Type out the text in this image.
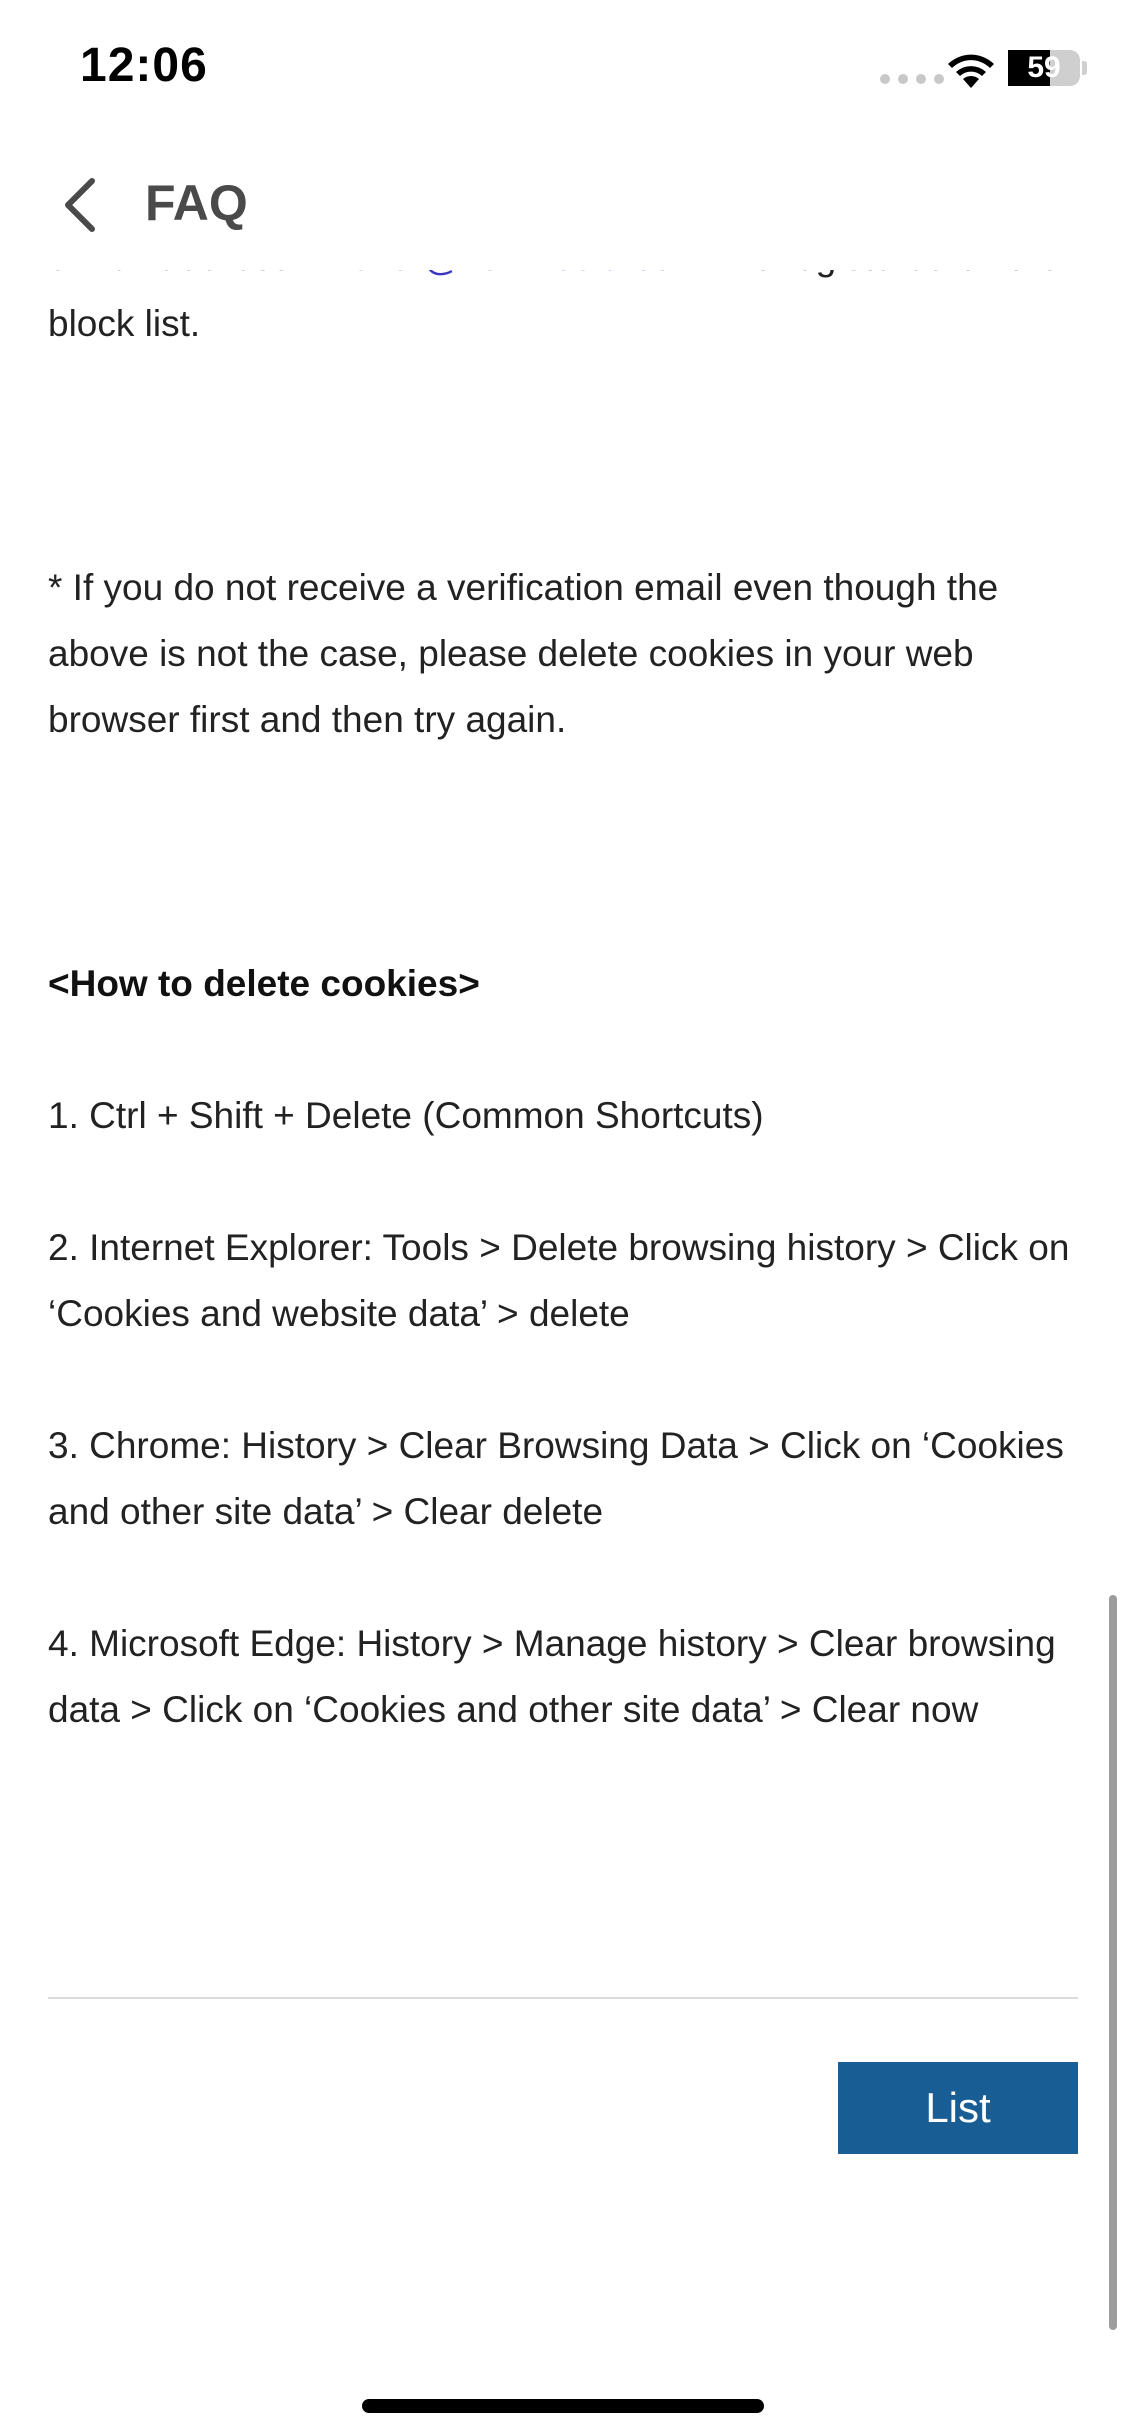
12:06	59
FAQ

block list.

* If you do not receive a verification email even though the above is not the case, please delete cookies in your web browser first and then try again.

<How to delete cookies>

1. Ctrl + Shift + Delete (Common Shortcuts)

2. Internet Explorer: Tools > Delete browsing history > Click on ‘Cookies and website data’ > delete

3. Chrome: History > Clear Browsing Data > Click on ‘Cookies and other site data’ > Clear delete

4. Microsoft Edge: History > Manage history > Clear browsing data > Click on ‘Cookies and other site data’ > Clear now

List
